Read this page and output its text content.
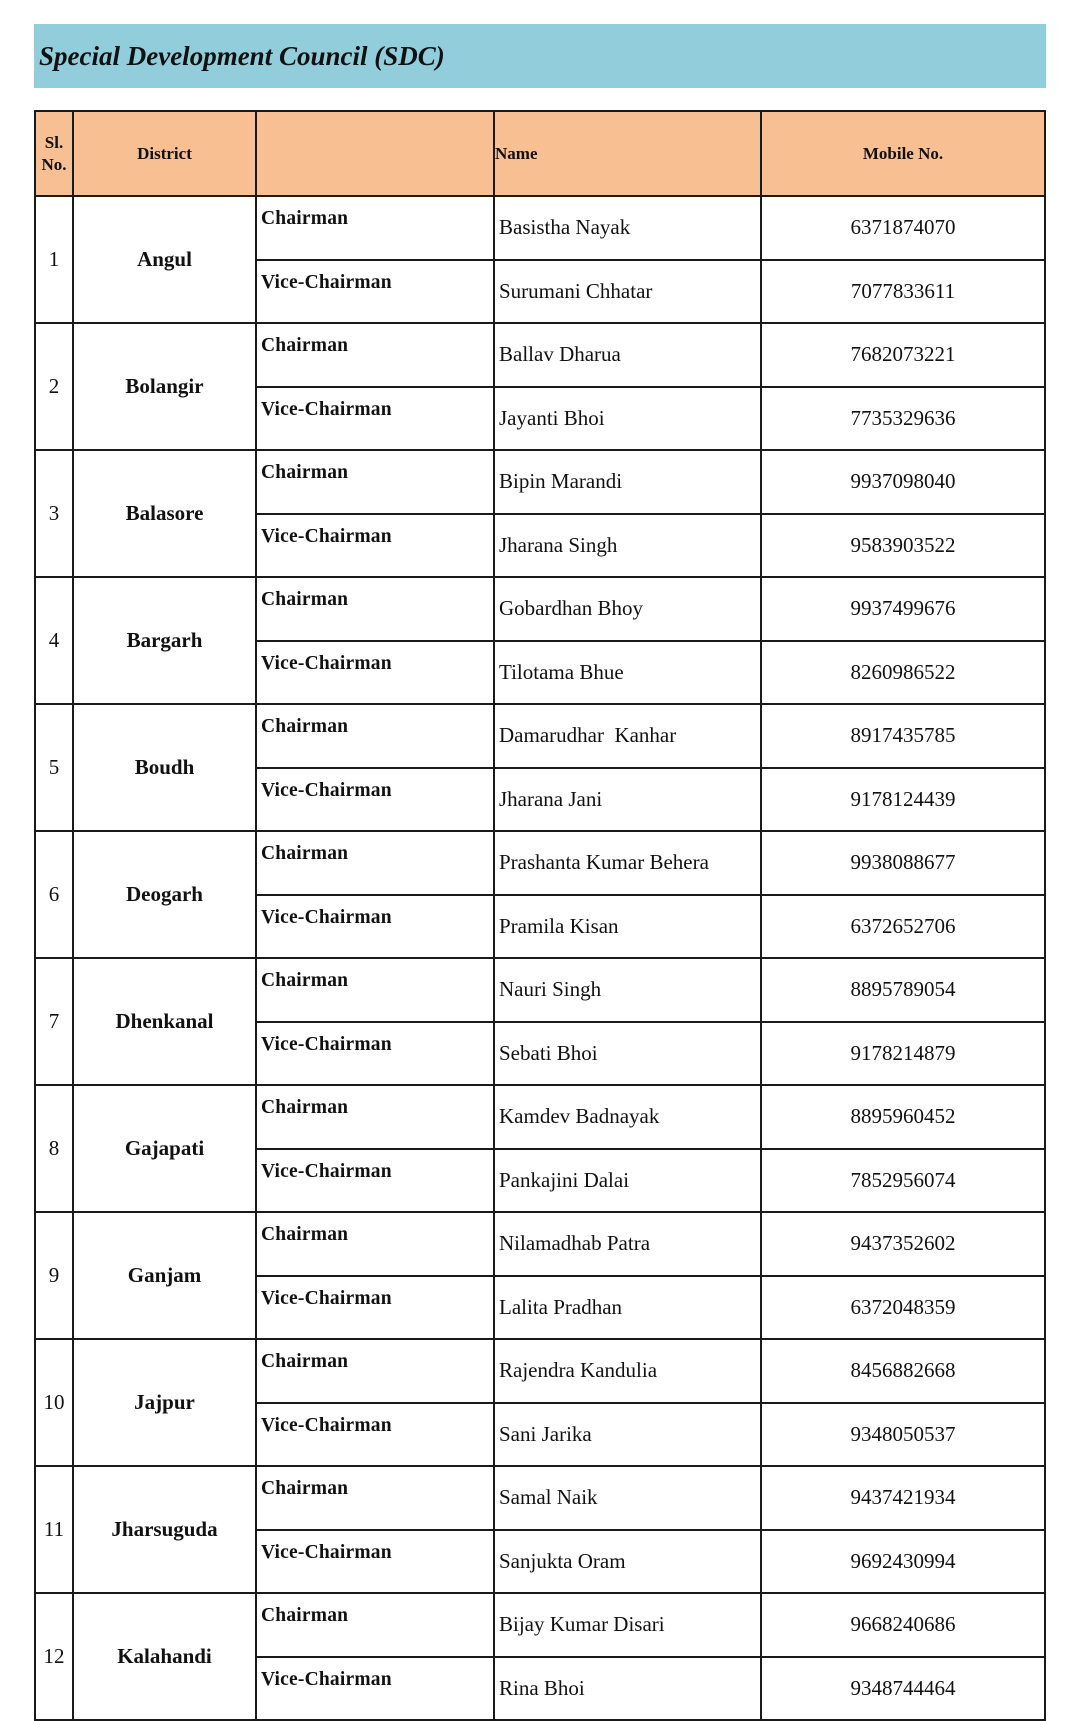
Special Development Council (SDC)
Sl. No.	District		Name	Mobile No.
1	Angul	Chairman	Basistha Nayak	6371874070
		Vice-Chairman	Surumani Chhatar	7077833611
2	Bolangir	Chairman	Ballav Dharua	7682073221
		Vice-Chairman	Jayanti Bhoi	7735329636
3	Balasore	Chairman	Bipin Marandi	9937098040
		Vice-Chairman	Jharana Singh	9583903522
4	Bargarh	Chairman	Gobardhan Bhoy	9937499676
		Vice-Chairman	Tilotama Bhue	8260986522
5	Boudh	Chairman	Damarudhar  Kanhar	8917435785
		Vice-Chairman	Jharana Jani	9178124439
6	Deogarh	Chairman	Prashanta Kumar Behera	9938088677
		Vice-Chairman	Pramila Kisan	6372652706
7	Dhenkanal	Chairman	Nauri Singh	8895789054
		Vice-Chairman	Sebati Bhoi	9178214879
8	Gajapati	Chairman	Kamdev Badnayak	8895960452
		Vice-Chairman	Pankajini Dalai	7852956074
9	Ganjam	Chairman	Nilamadhab Patra	9437352602
		Vice-Chairman	Lalita Pradhan	6372048359
10	Jajpur	Chairman	Rajendra Kandulia	8456882668
		Vice-Chairman	Sani Jarika	9348050537
11	Jharsuguda	Chairman	Samal Naik	9437421934
		Vice-Chairman	Sanjukta Oram	9692430994
12	Kalahandi	Chairman	Bijay Kumar Disari	9668240686
		Vice-Chairman	Rina Bhoi	9348744464
